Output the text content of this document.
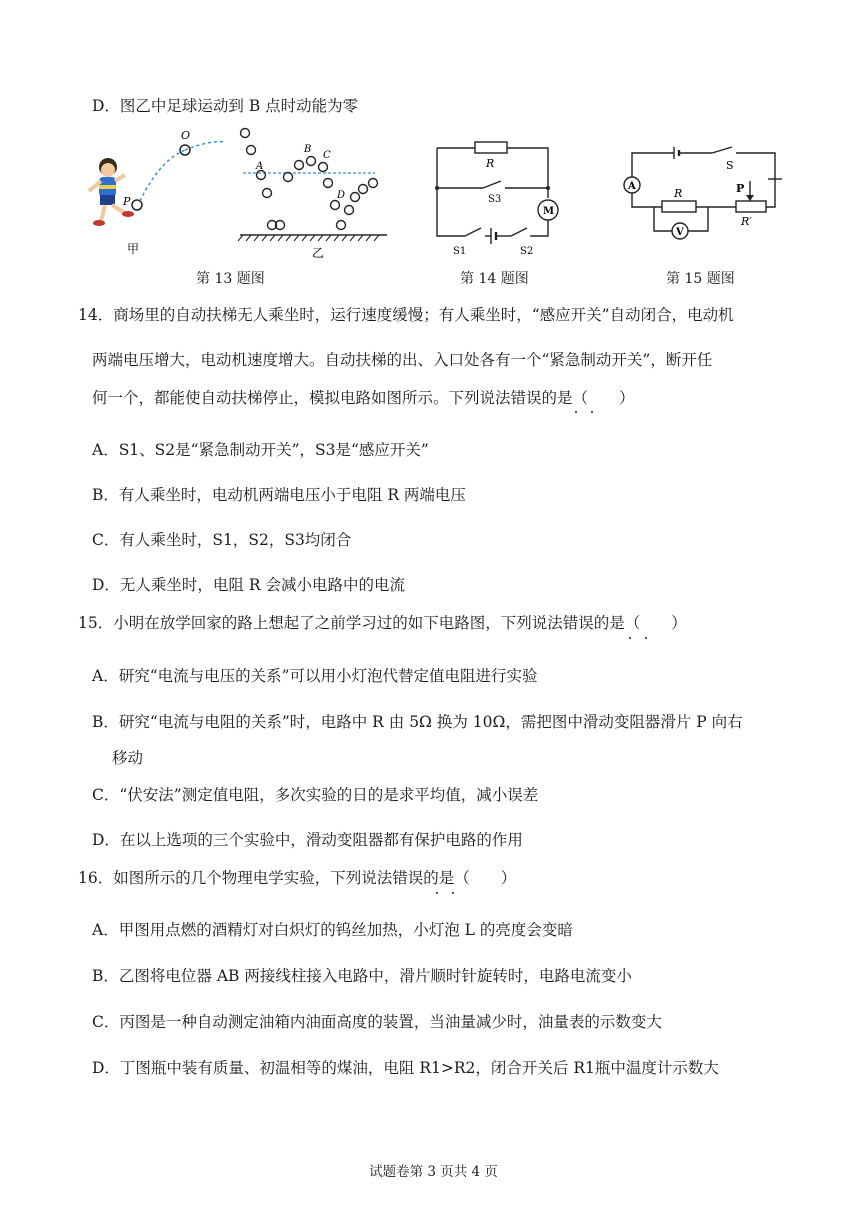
D．图乙中足球运动到 B 点时动能为零
P
O
甲
A
B
C
D
乙
R
S3
M
S1	S2
A
S
R	P
R′
V
第 13 题图	第 14 题图	第 15 题图
14．商场里的自动扶梯无人乘坐时，运行速度缓慢；有人乘坐时，“感应开关”自动闭合，电动机
两端电压增大，电动机速度增大。自动扶梯的出、入口处各有一个“紧急制动开关”，断开任
何一个，都能使自动扶梯停止，模拟电路如图所示。下列说法错误的是（　　）
A．S1、S2是“紧急制动开关”，S3是“感应开关”
B．有人乘坐时，电动机两端电压小于电阻 R 两端电压
C．有人乘坐时，S1，S2，S3均闭合
D．无人乘坐时，电阻 R 会减小电路中的电流
15．小明在放学回家的路上想起了之前学习过的如下电路图，下列说法错误的是（　　）
A．研究“电流与电压的关系”可以用小灯泡代替定值电阻进行实验
B．研究“电流与电阻的关系”时，电路中 R 由 5Ω 换为 10Ω，需把图中滑动变阻器滑片 P 向右
移动
C．“伏安法”测定值电阻，多次实验的日的是求平均值，减小误差
D．在以上选项的三个实验中，滑动变阻器都有保护电路的作用
16．如图所示的几个物理电学实验，下列说法错误的是（　　）
A．甲图用点燃的酒精灯对白炽灯的钨丝加热，小灯泡 L 的亮度会变暗
B．乙图将电位器 AB 两接线柱接入电路中，滑片顺时针旋转时，电路电流变小
C．丙图是一种自动测定油箱内油面高度的装置，当油量减少时，油量表的示数变大
D．丁图瓶中装有质量、初温相等的煤油，电阻 R1>R2，闭合开关后 R1瓶中温度计示数大
试题卷第 3 页共 4 页
